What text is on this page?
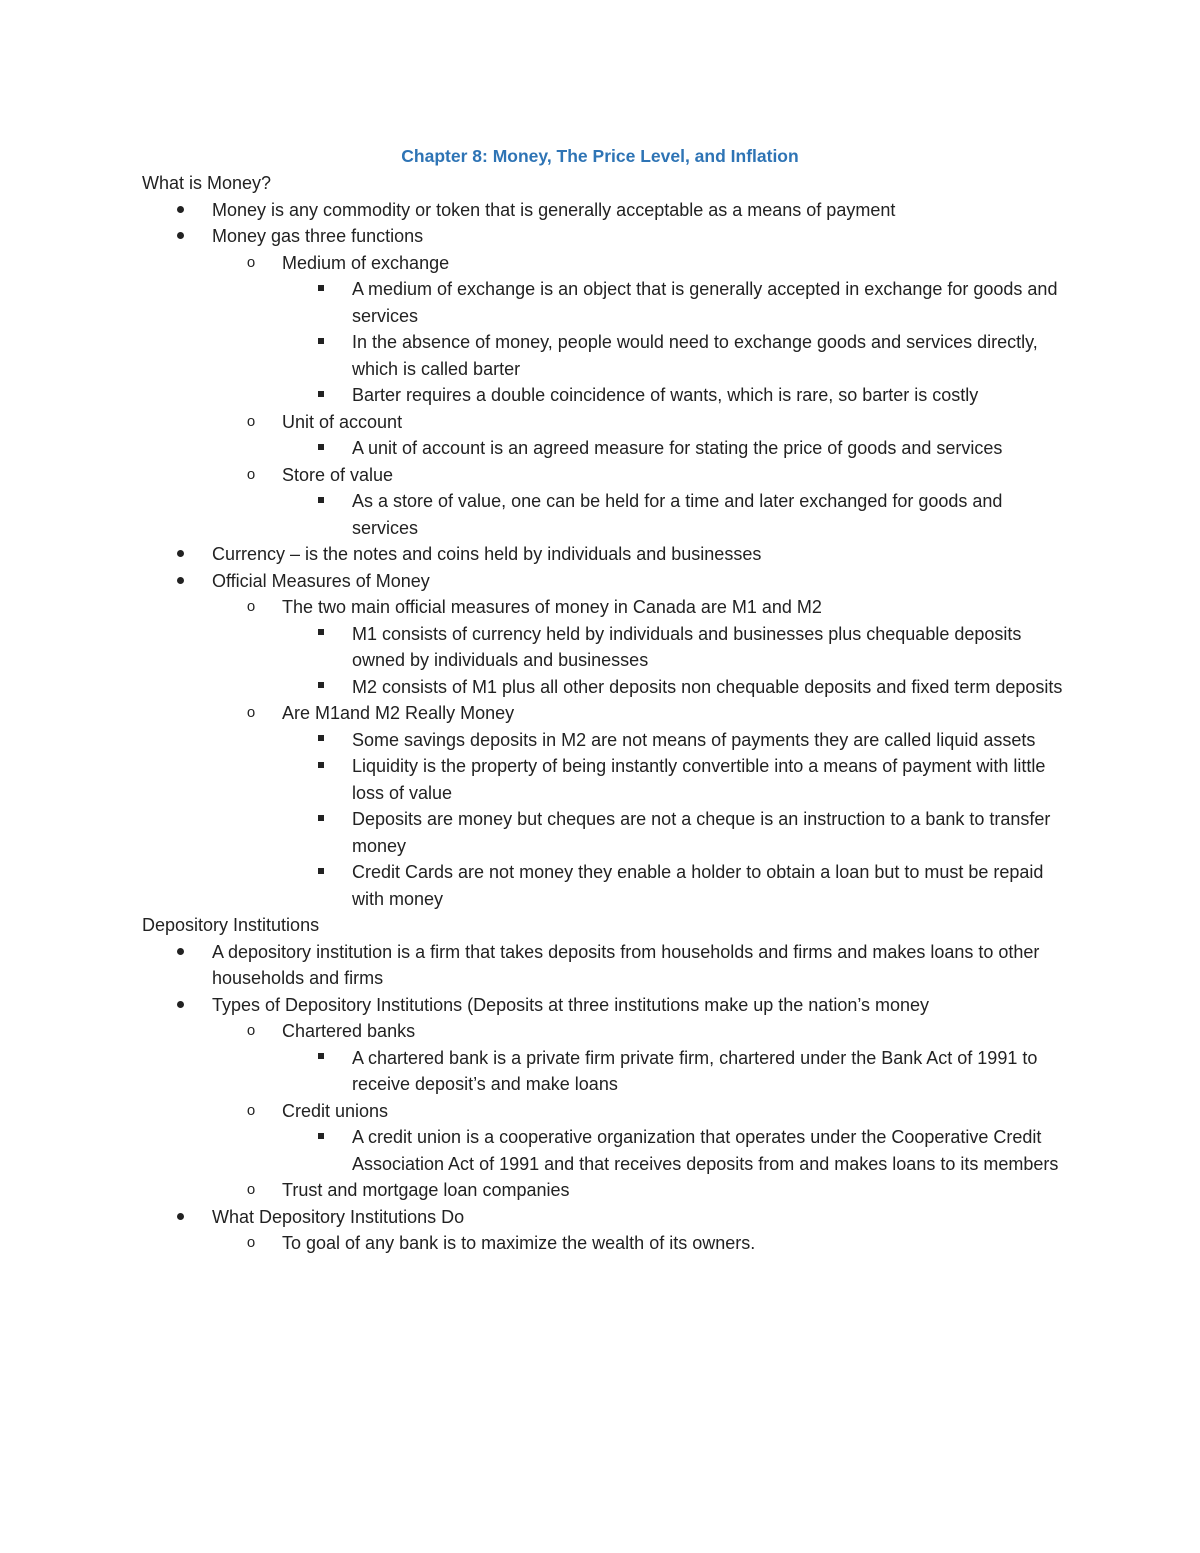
Chapter 8: Money, The Price Level, and Inflation

What is Money?

Money is any commodity or token that is generally acceptable as a means of payment
Money gas three functions
o	Medium of exchange
A medium of exchange is an object that is generally accepted in exchange for goods and services
In the absence of money, people would need to exchange goods and services directly, which is called barter
Barter requires a double coincidence of wants, which is rare, so barter is costly
o	Unit of account
A unit of account is an agreed measure for stating the price of goods and services
o	Store of value
As a store of value, one can be held for a time and later exchanged for goods and services
Currency – is the notes and coins held by individuals and businesses
Official Measures of Money
o	The two main official measures of money in Canada are M1 and M2
M1 consists of currency held by individuals and businesses plus chequable deposits owned by individuals and businesses
M2 consists of M1 plus all other deposits non chequable deposits and fixed term deposits
o	Are M1and M2 Really Money
Some savings deposits in M2 are not means of payments they are called liquid assets
Liquidity is the property of being instantly convertible into a means of payment with little loss of value
Deposits are money but cheques are not a cheque is an instruction to a bank to transfer money
Credit Cards are not money they enable a holder to obtain a loan but to must be repaid with money

Depository Institutions

A depository institution is a firm that takes deposits from households and firms and makes loans to other households and firms
Types of Depository Institutions (Deposits at three institutions make up the nation’s money
o	Chartered banks
A chartered bank is a private firm private firm, chartered under the Bank Act of 1991 to receive deposit’s and make loans
o	Credit unions
A credit union is a cooperative organization that operates under the Cooperative Credit Association Act of 1991 and that receives deposits from and makes loans to its members
o	Trust and mortgage loan companies
What Depository Institutions Do
o	To goal of any bank is to maximize the wealth of its owners.
